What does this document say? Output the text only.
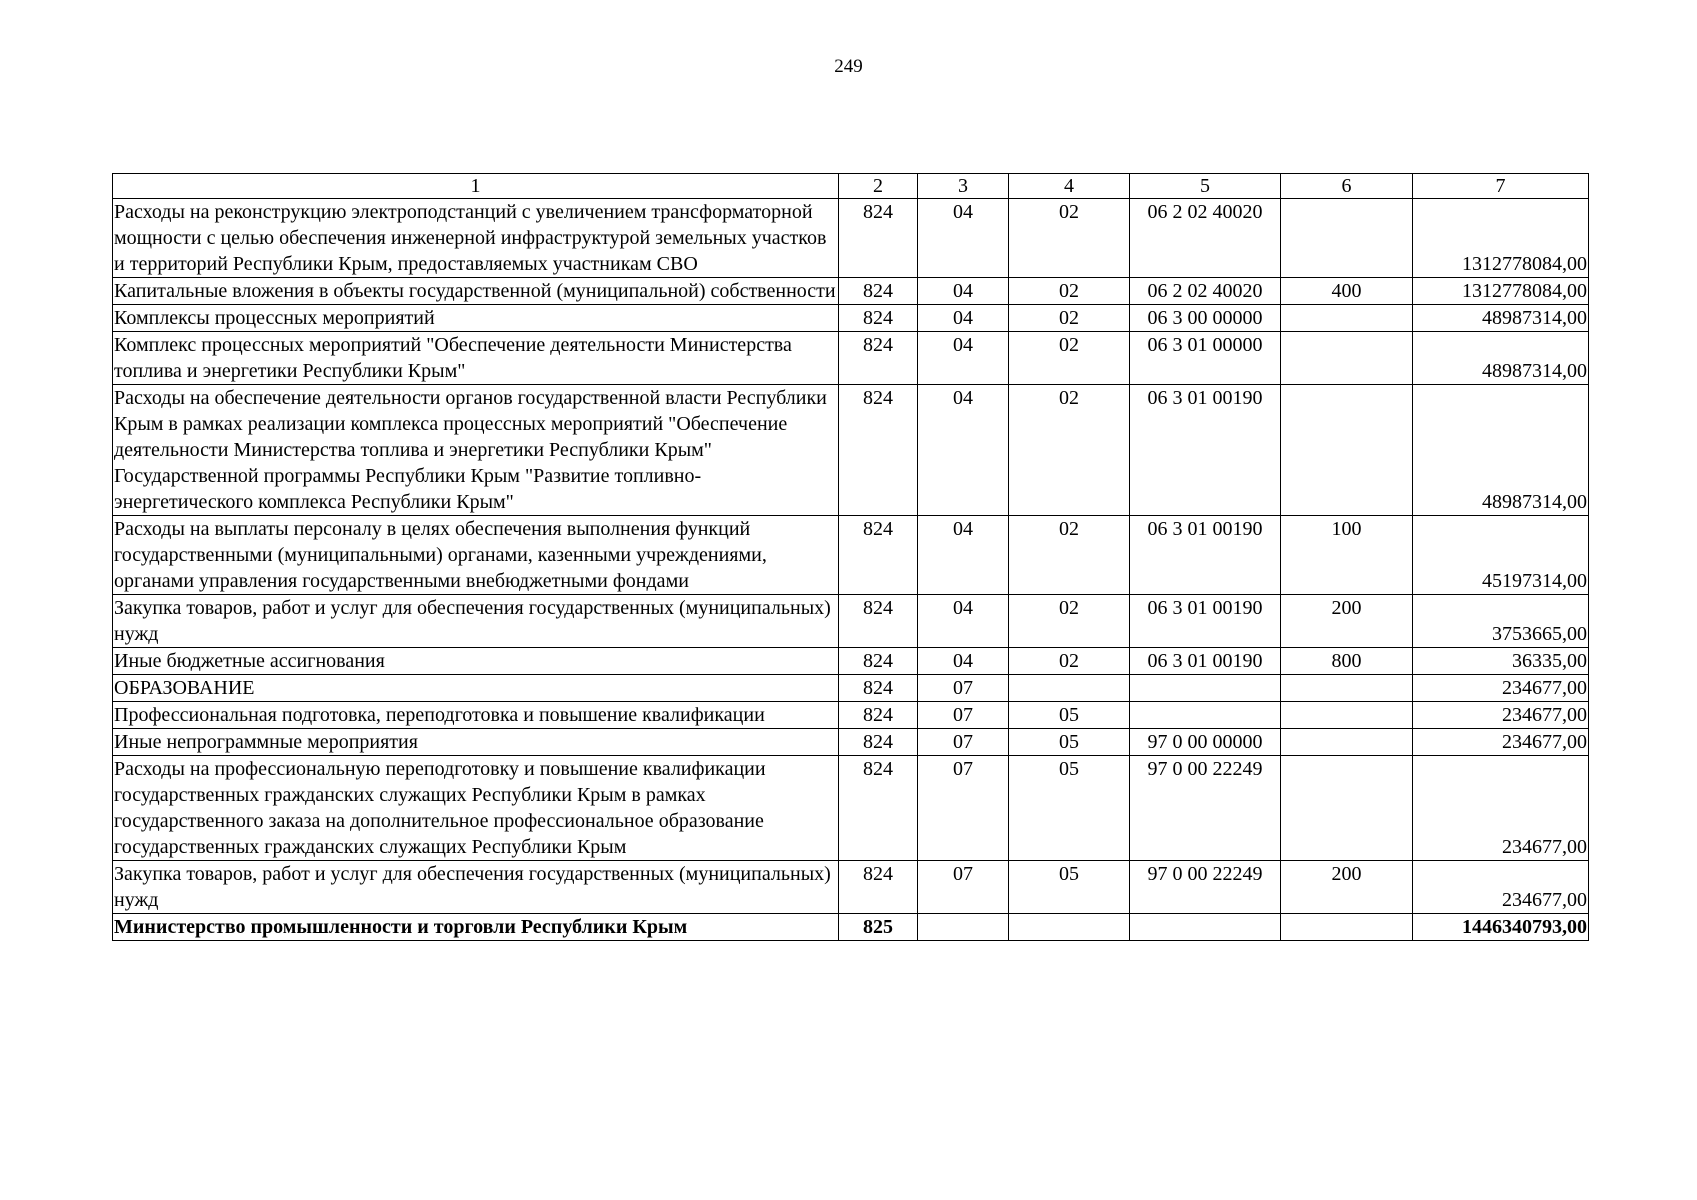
249
1	2	3	4	5	6	7
Расходы на реконструкцию электроподстанций с увеличением трансформаторной мощности с целью обеспечения инженерной инфраструктурой земельных участков и территорий Республики Крым, предоставляемых участникам СВО	824	04	02	06 2 02 40020		1312778084,00
Капитальные вложения в объекты государственной (муниципальной) собственности	824	04	02	06 2 02 40020	400	1312778084,00
Комплексы процессных мероприятий	824	04	02	06 3 00 00000		48987314,00
Комплекс процессных мероприятий "Обеспечение деятельности Министерства топлива и энергетики Республики Крым"	824	04	02	06 3 01 00000		48987314,00
Расходы на обеспечение деятельности органов государственной власти Республики Крым в рамках реализации комплекса процессных мероприятий "Обеспечение деятельности Министерства топлива и энергетики Республики Крым" Государственной программы Республики Крым "Развитие топливно-энергетического комплекса Республики Крым"	824	04	02	06 3 01 00190		48987314,00
Расходы на выплаты персоналу в целях обеспечения выполнения функций государственными (муниципальными) органами, казенными учреждениями, органами управления государственными внебюджетными фондами	824	04	02	06 3 01 00190	100	45197314,00
Закупка товаров, работ и услуг для обеспечения государственных (муниципальных) нужд	824	04	02	06 3 01 00190	200	3753665,00
Иные бюджетные ассигнования	824	04	02	06 3 01 00190	800	36335,00
ОБРАЗОВАНИЕ	824	07				234677,00
Профессиональная подготовка, переподготовка и повышение квалификации	824	07	05			234677,00
Иные непрограммные мероприятия	824	07	05	97 0 00 00000		234677,00
Расходы на профессиональную переподготовку и повышение квалификации государственных гражданских служащих Республики Крым в рамках государственного заказа на дополнительное профессиональное образование государственных гражданских служащих Республики Крым	824	07	05	97 0 00 22249		234677,00
Закупка товаров, работ и услуг для обеспечения государственных (муниципальных) нужд	824	07	05	97 0 00 22249	200	234677,00
Министерство промышленности и торговли Республики Крым	825					1446340793,00
